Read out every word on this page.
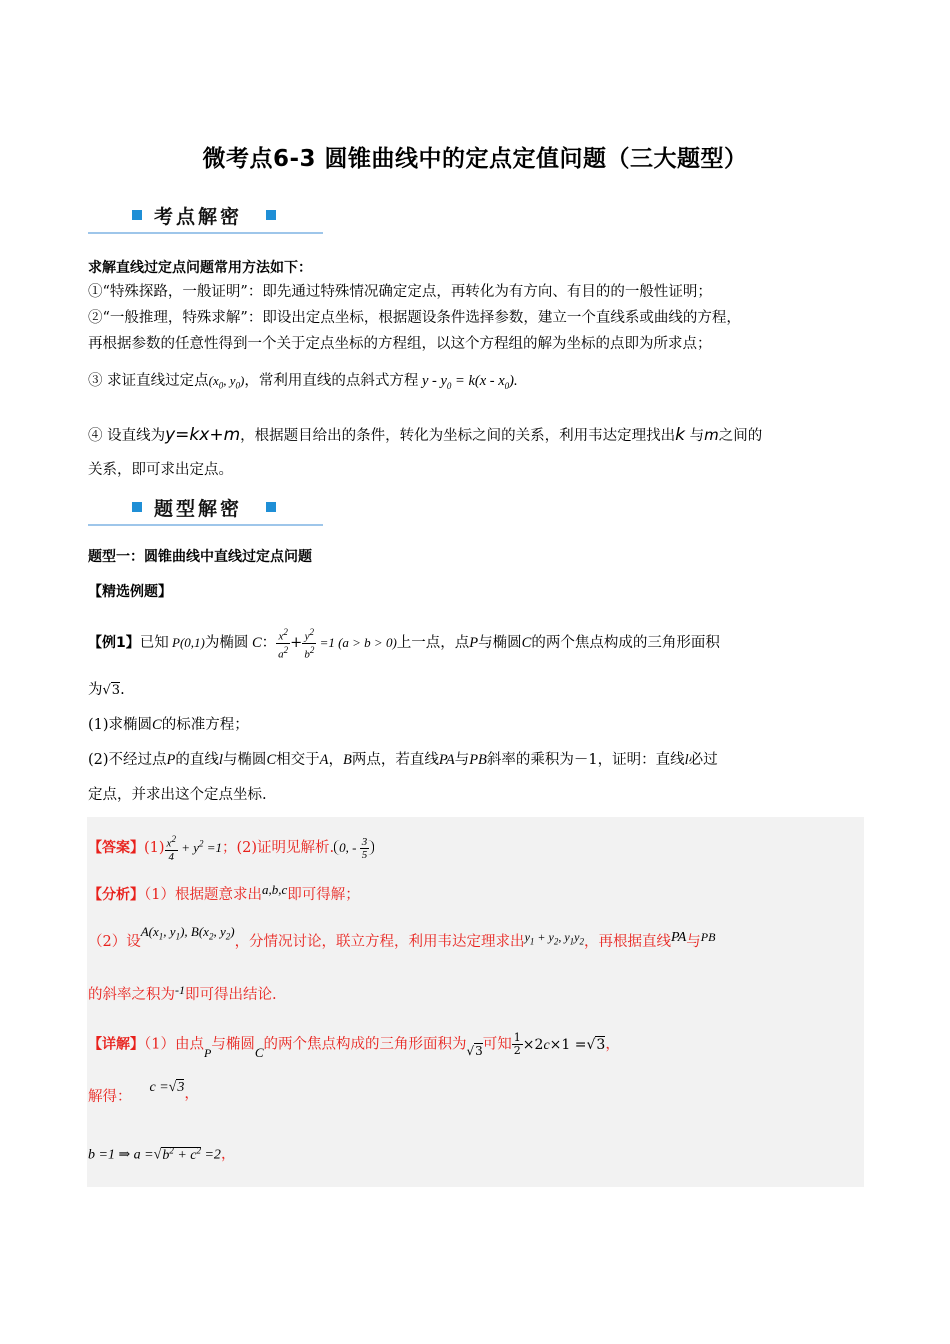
微考点6-3 圆锥曲线中的定点定值问题（三大题型）
考点解密
求解直线过定点问题常用方法如下：
①“特殊探路，一般证明”：即先通过特殊情况确定定点，再转化为有方向、有目的的一般性证明；
②“一般推理，特殊求解”：即设出定点坐标，根据题设条件选择参数，建立一个直线系或曲线的方程，
再根据参数的任意性得到一个关于定点坐标的方程组，以这个方程组的解为坐标的点即为所求点；
③ 求证直线过定点($x_0$, $y_0$)，常利用直线的点斜式方程 $y - y_0 = k(x - x_0)$.
④ 设直线为y=kx+m，根据题目给出的条件，转化为坐标之间的关系，利用韦达定理找出k 与m之间的
关系，即可求出定点。
题型解密
题型一：圆锥曲线中直线过定点问题
【精选例题】
【例1】已知 P(0,1)为椭圆 C： $\frac{x^2}{a^2} + \frac{y^2}{b^2} =1$ (a > b > 0)上一点，点P与椭圆C的两个焦点构成的三角形面积
为√3.
(1)求椭圆C的标准方程；
(2)不经过点P的直线l与椭圆C相交于A，B两点，若直线PA与PB斜率的乘积为－1，证明：直线l必过
定点，并求出这个定点坐标.
【答案】$(1) \frac{x^2}{4} + y^2 =1$；(2)证明见解析. 0, - $\frac{3}{5}$
【分析】（1）根据题意求出a,b,c即可得解；
（2）设$A(x_1$, $y_1$), $B(x_2$, $y_2$)，分情况讨论，联立方程，利用韦达定理求出$^{y_1 + y_2, y_1y_2}$，再根据直线PA与$^{PB}$
的斜率之积为$^{-1}$即可得出结论.
【详解】（1）由点$_P$与椭圆C的两个焦点构成的三角形面积为$_{√3}$可知 $\frac{1}{2} \times 2c\times 1 =√3$，
解得：c =√3，
b =1 ⇒ $a =√b^2 + c^2 =2$，
